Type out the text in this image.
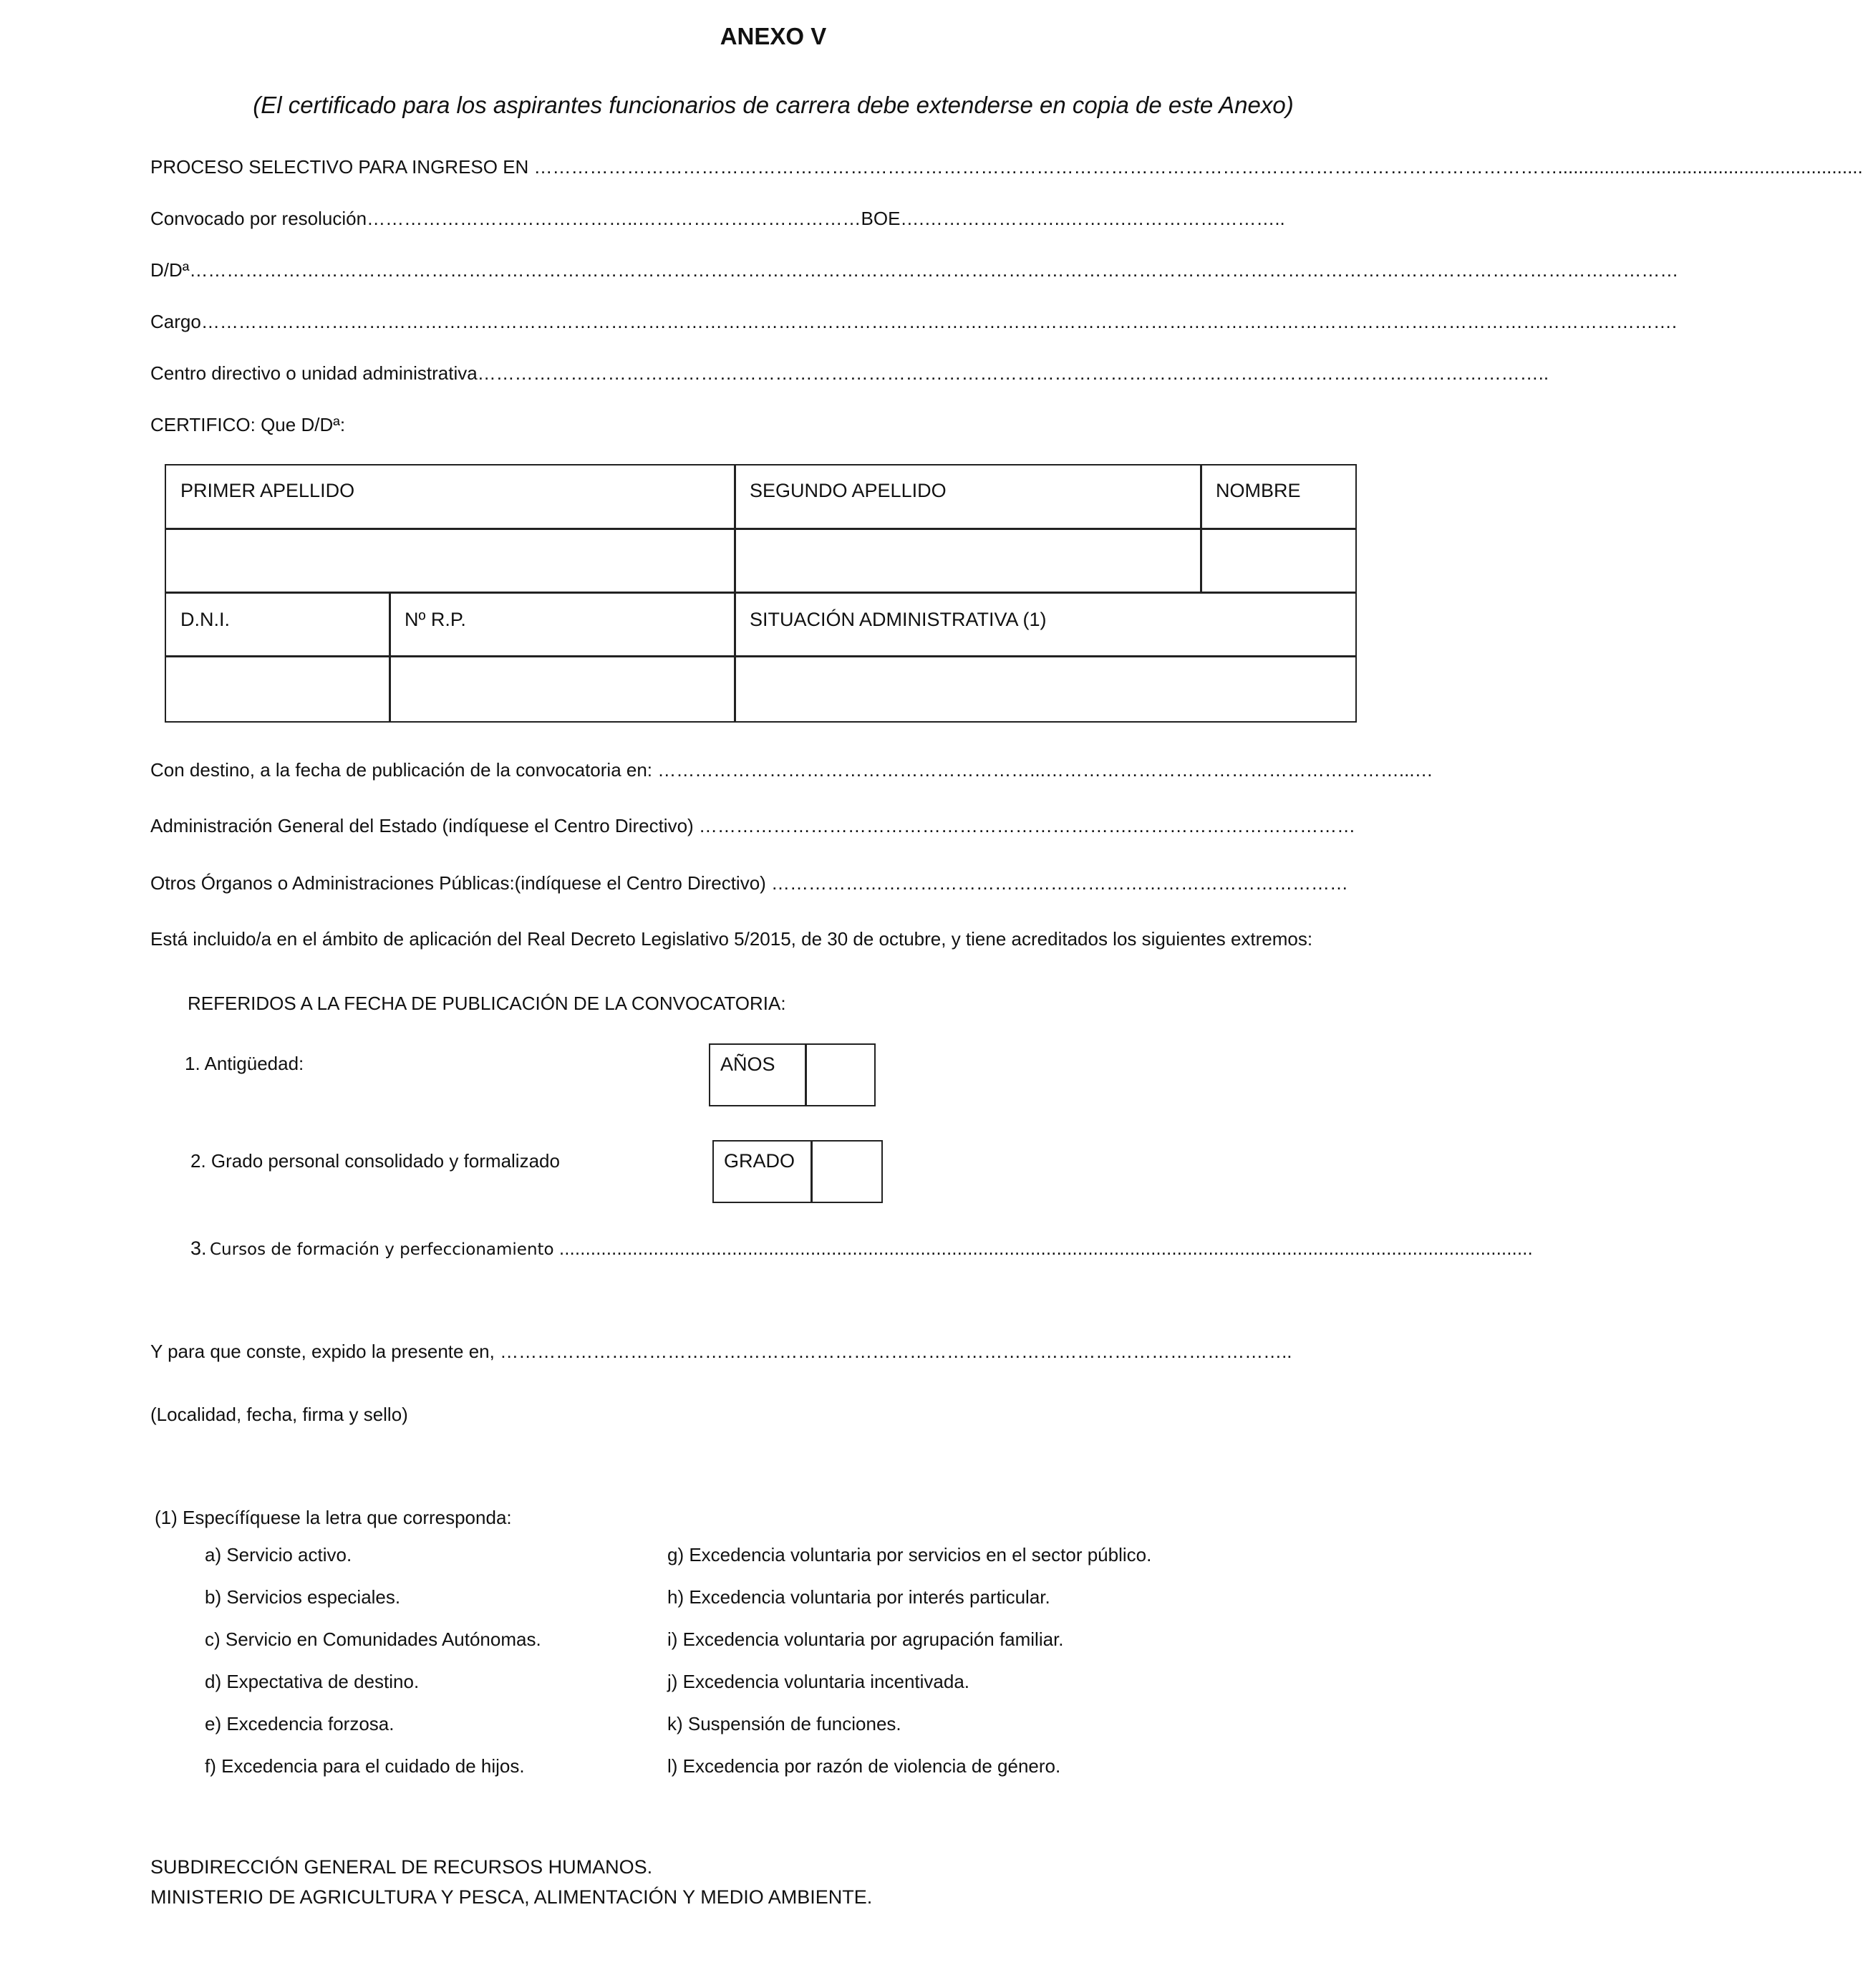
ANEXO V
(El certificado para los aspirantes funcionarios de carrera debe extenderse en copia de este Anexo)
PROCESO SELECTIVO PARA INGRESO EN …………………………………………………………………………………………………………………………………………………...........................................................
Convocado por resolución……………………………………..………………………………BOE….…………………..……….……………………..
D/Dª……………………………………………………………………………………………………………………………………………………………………………………………………………………
Cargo………………………………………………………………………………………………………………………………………………………………………………………………………………….
Centro directivo o unidad administrativa………………………………………………………………………………………………………………………………………………………..
CERTIFICO: Que D/Dª:
PRIMER APELLIDO	SEGUNDO APELLIDO	NOMBRE
D.N.I.	Nº R.P.	SITUACIÓN ADMINISTRATIVA (1)
Con destino, a la fecha de publicación de la convocatoria en: ……………………………………………………...…………………………………………………...…
Administración General del Estado (indíquese el Centro Directivo) …………………………………………………………….………………………………
Otros Órganos o Administraciones Públicas:(indíquese el Centro Directivo) …………………………………………………………………………………
Está incluido/a en el ámbito de aplicación del Real Decreto Legislativo 5/2015, de 30 de octubre, y tiene acreditados los siguientes extremos:
REFERIDOS A LA FECHA DE PUBLICACIÓN DE LA CONVOCATORIA:
1. Antigüedad:	AÑOS
2. Grado personal consolidado y formalizado	GRADO
3. Cursos de formación y perfeccionamiento ..........................................................................................................................................................................................
Y para que conste, expido la presente en, ………………………………………………………………………………………………………………..
(Localidad, fecha, firma y sello)
(1) Específíquese la letra que corresponda:
a) Servicio activo.
b) Servicios especiales.
c) Servicio en Comunidades Autónomas.
d) Expectativa de destino.
e) Excedencia forzosa.
f) Excedencia para el cuidado de hijos.
g) Excedencia voluntaria por servicios en el sector público.
h) Excedencia voluntaria por interés particular.
i) Excedencia voluntaria por agrupación familiar.
j) Excedencia voluntaria incentivada.
k) Suspensión de funciones.
l) Excedencia por razón de violencia de género.
SUBDIRECCIÓN GENERAL DE RECURSOS HUMANOS.
MINISTERIO DE AGRICULTURA Y PESCA, ALIMENTACIÓN Y MEDIO AMBIENTE.
